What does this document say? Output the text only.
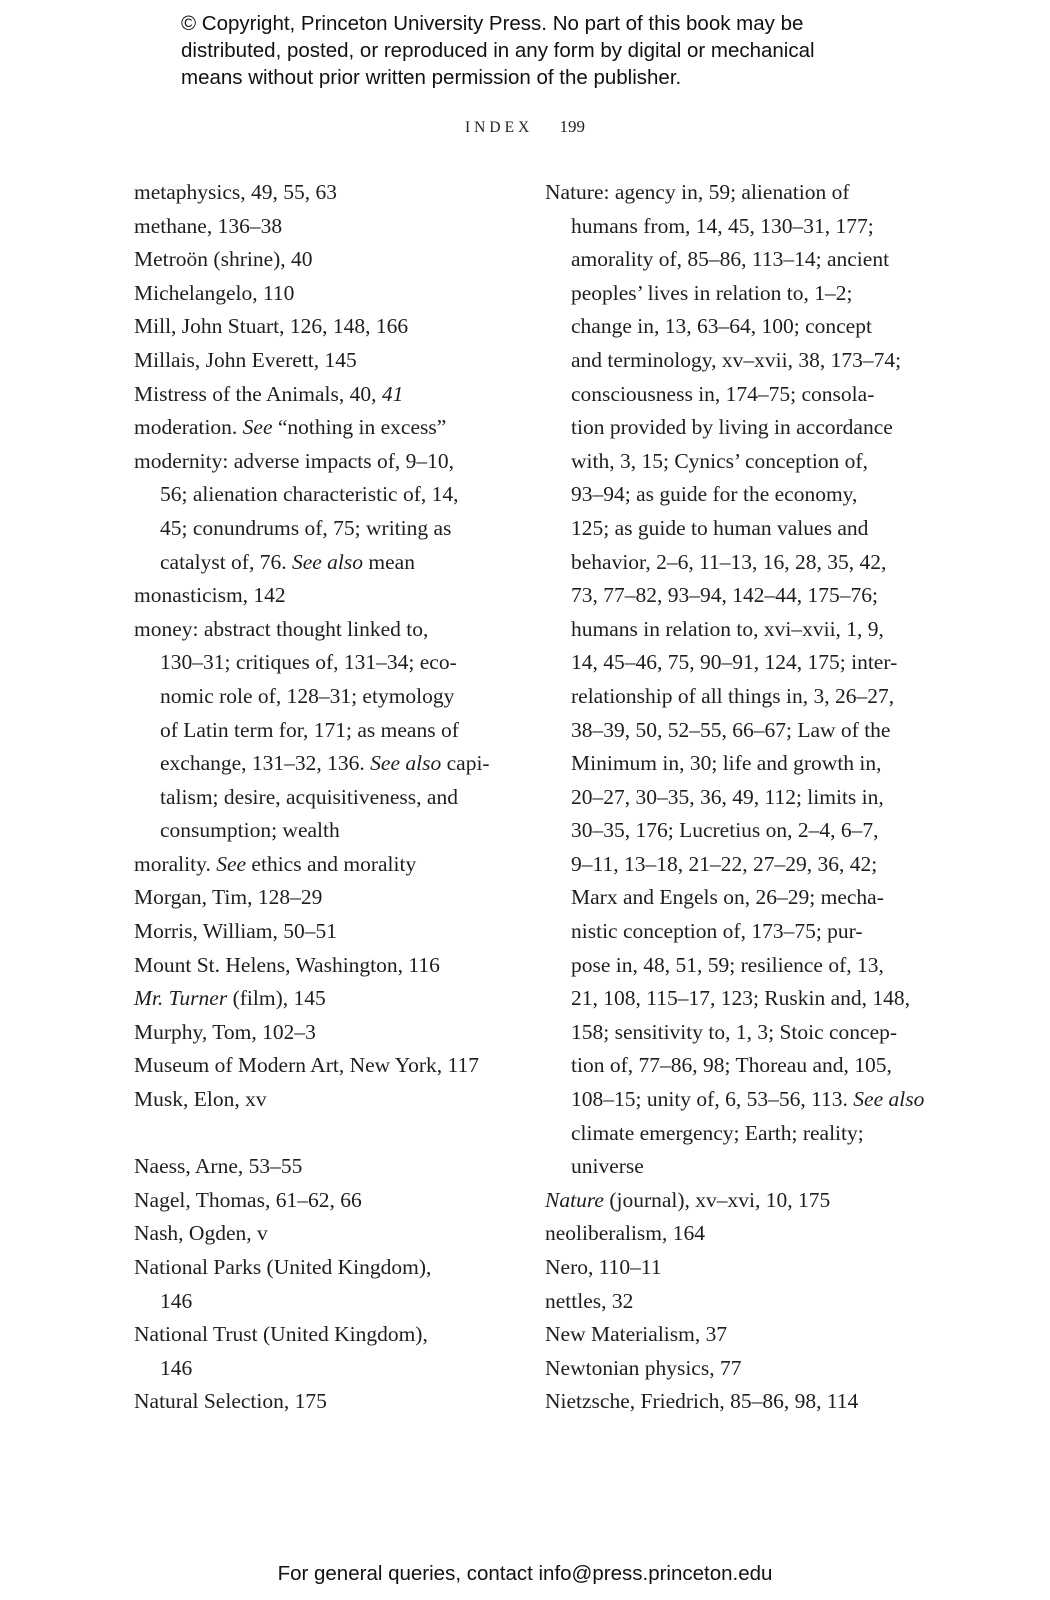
© Copyright, Princeton University Press. No part of this book may be
distributed, posted, or reproduced in any form by digital or mechanical
means without prior written permission of the publisher.
INDEX 199
metaphysics, 49, 55, 63
methane, 136–38
Metroön (shrine), 40
Michelangelo, 110
Mill, John Stuart, 126, 148, 166
Millais, John Everett, 145
Mistress of the Animals, 40, 41
moderation. See “nothing in excess”
modernity: adverse impacts of, 9–10,
56; alienation characteristic of, 14,
45; conundrums of, 75; writing as
catalyst of, 76. See also mean
monasticism, 142
money: abstract thought linked to,
130–31; critiques of, 131–34; eco-
nomic role of, 128–31; etymology
of Latin term for, 171; as means of
exchange, 131–32, 136. See also capi-
talism; desire, acquisitiveness, and
consumption; wealth
morality. See ethics and morality
Morgan, Tim, 128–29
Morris, William, 50–51
Mount St. Helens, Washington, 116
Mr. Turner (film), 145
Murphy, Tom, 102–3
Museum of Modern Art, New York, 117
Musk, Elon, xv
Naess, Arne, 53–55
Nagel, Thomas, 61–62, 66
Nash, Ogden, v
National Parks (United Kingdom),
146
National Trust (United Kingdom),
146
Natural Selection, 175
Nature: agency in, 59; alienation of
humans from, 14, 45, 130–31, 177;
amorality of, 85–86, 113–14; ancient
peoples’ lives in relation to, 1–2;
change in, 13, 63–64, 100; concept
and terminology, xv–xvii, 38, 173–74;
consciousness in, 174–75; consola-
tion provided by living in accordance
with, 3, 15; Cynics’ conception of,
93–94; as guide for the economy,
125; as guide to human values and
behavior, 2–6, 11–13, 16, 28, 35, 42,
73, 77–82, 93–94, 142–44, 175–76;
humans in relation to, xvi–xvii, 1, 9,
14, 45–46, 75, 90–91, 124, 175; inter-
relationship of all things in, 3, 26–27,
38–39, 50, 52–55, 66–67; Law of the
Minimum in, 30; life and growth in,
20–27, 30–35, 36, 49, 112; limits in,
30–35, 176; Lucretius on, 2–4, 6–7,
9–11, 13–18, 21–22, 27–29, 36, 42;
Marx and Engels on, 26–29; mecha-
nistic conception of, 173–75; pur-
pose in, 48, 51, 59; resilience of, 13,
21, 108, 115–17, 123; Ruskin and, 148,
158; sensitivity to, 1, 3; Stoic concep-
tion of, 77–86, 98; Thoreau and, 105,
108–15; unity of, 6, 53–56, 113. See also
climate emergency; Earth; reality;
universe
Nature (journal), xv–xvi, 10, 175
neoliberalism, 164
Nero, 110–11
nettles, 32
New Materialism, 37
Newtonian physics, 77
Nietzsche, Friedrich, 85–86, 98, 114
For general queries, contact info@press.princeton.edu
